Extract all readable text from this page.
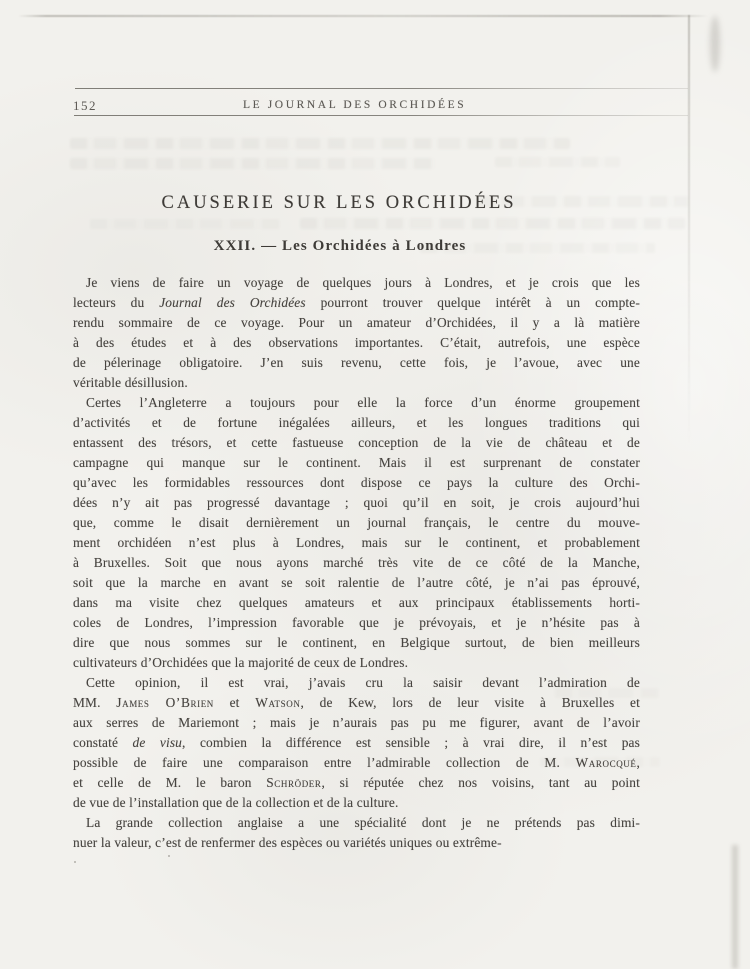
152	LE JOURNAL DES ORCHIDÉES
CAUSERIE SUR LES ORCHIDÉES
XXII. — Les Orchidées à Londres
Je viens de faire un voyage de quelques jours à Londres, et je crois que les
lecteurs du Journal des Orchidées pourront trouver quelque intérêt à un compte-
rendu sommaire de ce voyage. Pour un amateur d’Orchidées, il y a là matière
à des études et à des observations importantes. C’était, autrefois, une espèce
de pélerinage obligatoire. J’en suis revenu, cette fois, je l’avoue, avec une
véritable désillusion.
Certes l’Angleterre a toujours pour elle la force d’un énorme groupement
d’activités et de fortune inégalées ailleurs, et les longues traditions qui
entassent des trésors, et cette fastueuse conception de la vie de château et de
campagne qui manque sur le continent. Mais il est surprenant de constater
qu’avec les formidables ressources dont dispose ce pays la culture des Orchi-
dées n’y ait pas progressé davantage ; quoi qu’il en soit, je crois aujourd’hui
que, comme le disait dernièrement un journal français, le centre du mouve-
ment orchidéen n’est plus à Londres, mais sur le continent, et probablement
à Bruxelles. Soit que nous ayons marché très vite de ce côté de la Manche,
soit que la marche en avant se soit ralentie de l’autre côté, je n’ai pas éprouvé,
dans ma visite chez quelques amateurs et aux principaux établissements horti-
coles de Londres, l’impression favorable que je prévoyais, et je n’hésite pas à
dire que nous sommes sur le continent, en Belgique surtout, de bien meilleurs
cultivateurs d’Orchidées que la majorité de ceux de Londres.
Cette opinion, il est vrai, j’avais cru la saisir devant l’admiration de
MM. James O’Brien et Watson, de Kew, lors de leur visite à Bruxelles et
aux serres de Mariemont ; mais je n’aurais pas pu me figurer, avant de l’avoir
constaté de visu, combien la différence est sensible ; à vrai dire, il n’est pas
possible de faire une comparaison entre l’admirable collection de M. Warocqué,
et celle de M. le baron Schröder, si réputée chez nos voisins, tant au point
de vue de l’installation que de la collection et de la culture.
La grande collection anglaise a une spécialité dont je ne prétends pas dimi-
nuer la valeur, c’est de renfermer des espèces ou variétés uniques ou extrême-
